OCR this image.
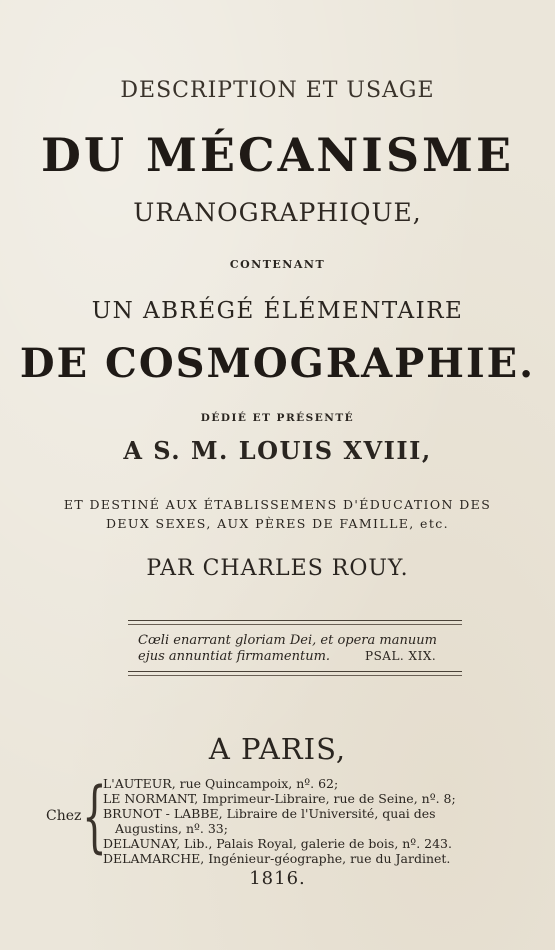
DESCRIPTION ET USAGE
DU MÉCANISME
URANOGRAPHIQUE,
CONTENANT
UN ABRÉGÉ ÉLÉMENTAIRE
DE COSMOGRAPHIE.
DÉDIÉ ET PRÉSENTÉ
A S. M. LOUIS XVIII,
ET DESTINÉ AUX ÉTABLISSEMENS D'ÉDUCATION DES
DEUX SEXES, AUX PÈRES DE FAMILLE, etc.
PAR CHARLES ROUY.
Cœli enarrant gloriam Dei, et opera manuum
ejus annuntiat firmamentum.	PSAL. XIX.
A PARIS,
Chez {
L'AUTEUR, rue Quincampoix, nº. 62;
LE NORMANT, Imprimeur-Libraire, rue de Seine, nº. 8;
BRUNOT - LABBE, Libraire de l'Université, quai des
Augustins, nº. 33;
DELAUNAY, Lib., Palais Royal, galerie de bois, nº. 243.
DELAMARCHE, Ingénieur-géographe, rue du Jardinet.
1816.
